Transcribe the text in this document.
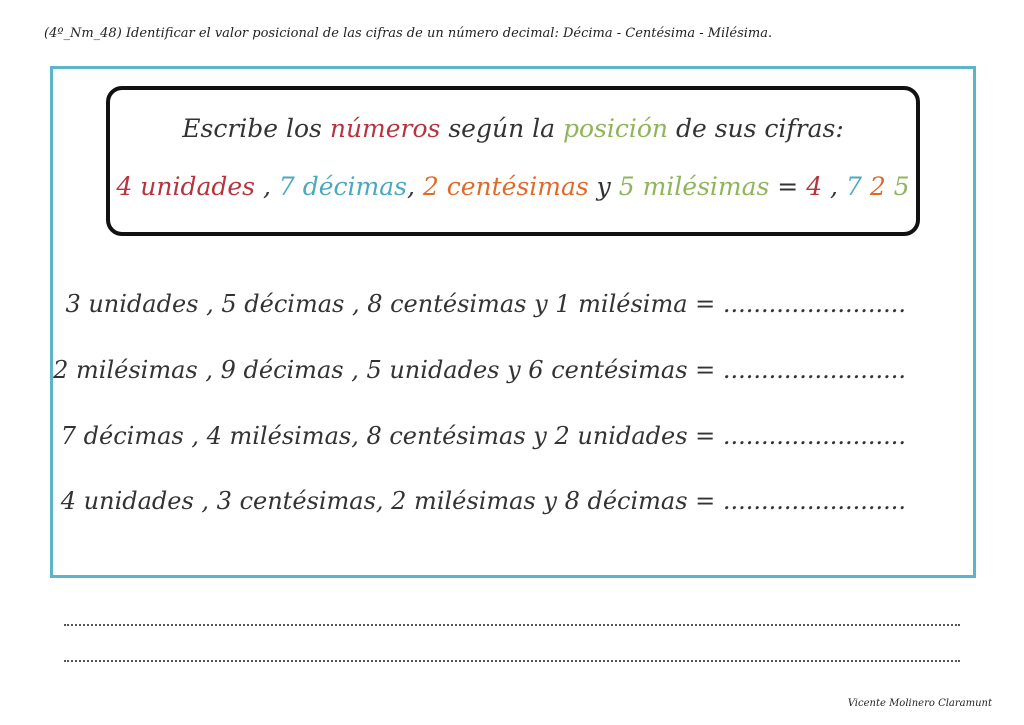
(4º_Nm_48) Identificar el valor posicional de las cifras de un número decimal: Décima - Centésima - Milésima.
Escribe los números según la posición de sus cifras:
4 unidades , 7 décimas, 2 centésimas y 5 milésimas = 4 , 7 2 5
3 unidades , 5 décimas , 8 centésimas y 1 milésima = ........................
2 milésimas , 9 décimas , 5 unidades y 6 centésimas = ........................
7 décimas , 4 milésimas, 8 centésimas y 2 unidades = ........................
4 unidades , 3 centésimas, 2 milésimas y 8 décimas = ........................
Vicente Molinero Claramunt
